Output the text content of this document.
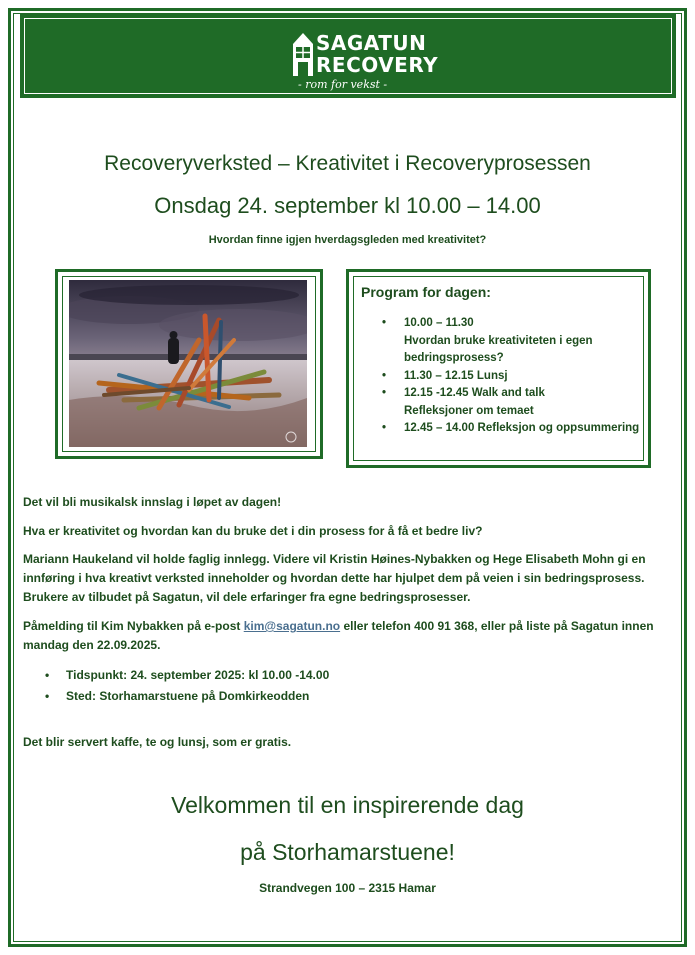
SAGATUN
RECOVERY
- rom for vekst -
Recoveryverksted – Kreativitet i Recoveryprosessen
Onsdag 24. september kl 10.00 – 14.00
Hvordan finne igjen hverdagsgleden med kreativitet?
Program for dagen:
• 10.00 – 11.30
Hvordan bruke kreativiteten i egen bedringsprosess?
• 11.30 – 12.15 Lunsj
• 12.15 -12.45 Walk and talk
Refleksjoner om temaet
• 12.45 – 14.00 Refleksjon og oppsummering

Det vil bli musikalsk innslag i løpet av dagen!

Hva er kreativitet og hvordan kan du bruke det i din prosess for å få et bedre liv?

Mariann Haukeland vil holde faglig innlegg. Videre vil Kristin Høines-Nybakken og Hege Elisabeth Mohn gi en innføring i hva kreativt verksted inneholder og hvordan dette har hjulpet dem på veien i sin bedringsprosess. Brukere av tilbudet på Sagatun, vil dele erfaringer fra egne bedringsprosesser.

Påmelding til Kim Nybakken på e-post kim@sagatun.no eller telefon 400 91 368, eller på liste på Sagatun innen mandag den 22.09.2025.

• Tidspunkt: 24. september 2025: kl 10.00 -14.00
• Sted: Storhamarstuene på Domkirkeodden

Det blir servert kaffe, te og lunsj, som er gratis.

Velkommen til en inspirerende dag
på Storhamarstuene!
Strandvegen 100 – 2315 Hamar
